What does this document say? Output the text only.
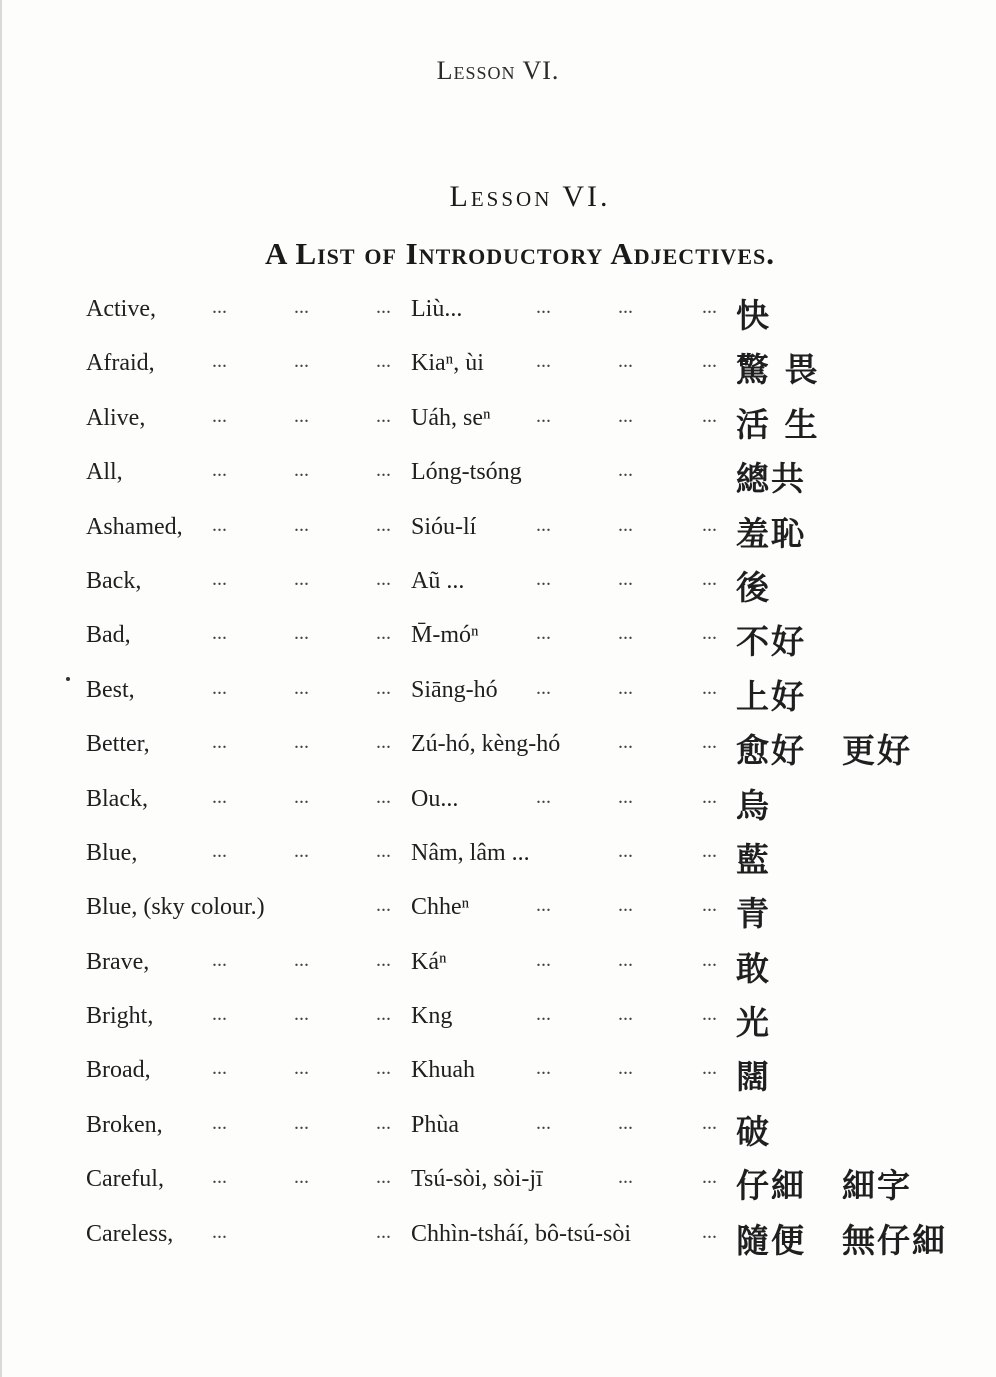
Lesson VI.
Lesson VI.
A List of Introductory Adjectives.
Active,	...	...	... Liù...	...	...	... 快
Afraid,	...	...	... Kiaⁿ, ùi	...	...	... 驚 畏
Alive,	...	...	... Uáh, seⁿ ...	...	... 活 生
All,	...	...	... Lóng-tsóng	...	總共
Ashamed, ...	...	... Sióu-lí	...	...	... 羞恥
Back,	...	...	... Aũ ...	...	...	... 後
Bad,	...	...	... M̄-móⁿ	...	...	... 不好
Best,	...	...	... Siāng-hó ...	...	... 上好
Better,	...	...	... Zú-hó, kèng-hó	...	... 愈好 更好
Black,	...	...	... Ou...	...	...	... 烏
Blue,	...	...	... Nâm, lâm ...	...	... 藍
Blue, (sky colour.)	... Chheⁿ	...	...	... 青
Brave,	...	...	... Káⁿ	...	...	... 敢
Bright,	...	...	... Kng	...	...	... 光
Broad,	...	...	... Khuah	...	...	... 闊
Broken, ...	...	... Phùa	...	...	... 破
Careful, ...	...	... Tsú-sòi, sòi-jī	...	... 仔細 細字
Careless, ...	... Chhìn-tsháí, bô-tsú-sòi	... 隨便 無仔細
